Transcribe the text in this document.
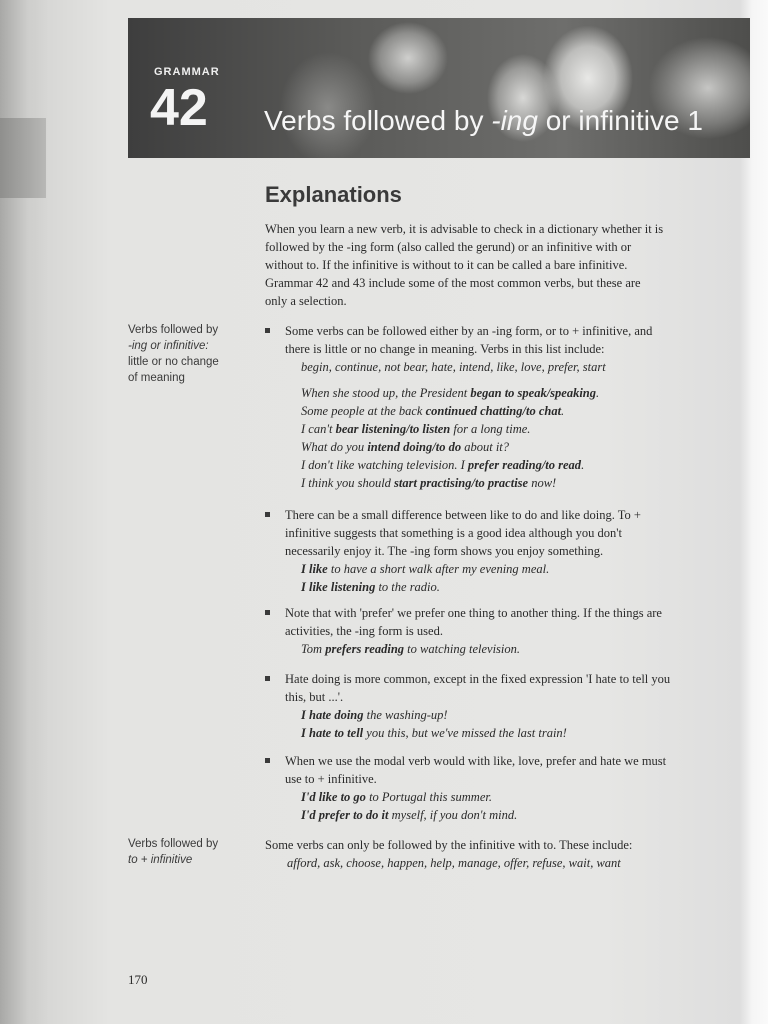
GRAMMAR
42 Verbs followed by -ing or infinitive 1
Explanations
When you learn a new verb, it is advisable to check in a dictionary whether it is
followed by the -ing form (also called the gerund) or an infinitive with or
without to. If the infinitive is without to it can be called a bare infinitive.
Grammar 42 and 43 include some of the most common verbs, but these are
only a selection.
Verbs followed by
-ing or infinitive:
little or no change
of meaning
Some verbs can be followed either by an -ing form, or to + infinitive, and
there is little or no change in meaning. Verbs in this list include:
begin, continue, not bear, hate, intend, like, love, prefer, start
When she stood up, the President began to speak/speaking.
Some people at the back continued chatting/to chat.
I can't bear listening/to listen for a long time.
What do you intend doing/to do about it?
I don't like watching television. I prefer reading/to read.
I think you should start practising/to practise now!
There can be a small difference between like to do and like doing. To +
infinitive suggests that something is a good idea although you don't
necessarily enjoy it. The -ing form shows you enjoy something.
I like to have a short walk after my evening meal.
I like listening to the radio.
Note that with 'prefer' we prefer one thing to another thing. If the things are
activities, the -ing form is used.
Tom prefers reading to watching television.
Hate doing is more common, except in the fixed expression 'I hate to tell you
this, but ...'.
I hate doing the washing-up!
I hate to tell you this, but we've missed the last train!
When we use the modal verb would with like, love, prefer and hate we must
use to + infinitive.
I'd like to go to Portugal this summer.
I'd prefer to do it myself, if you don't mind.
Verbs followed by
to + infinitive
Some verbs can only be followed by the infinitive with to. These include:
afford, ask, choose, happen, help, manage, offer, refuse, wait, want
170
